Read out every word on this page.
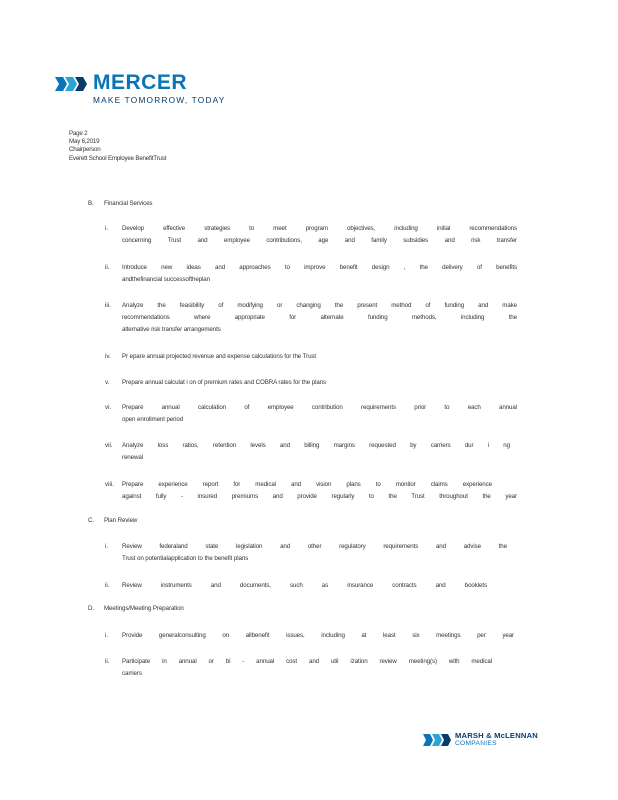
MERCER
MAKE TOMORROW, TODAY
Page 2
May 6,2019
Chairperson
Everett School Employee BenefitTrust
B. Financial Services
i. Develop effective strategies to meet program objectives, including initial recommendations
concerning Trust and employee contributions, age and family subsidies and risk transfer
ii. Introduce new ideas and approaches to improve benefit design , the delivery of benefits
andthefinancial successoftheplan
iii. Analyze the feasibility of modifying or changing the present method of funding and make
recommendations where appropriate for alternate funding methods, including the
alternative risk transfer arrangements
iv. Pr epare annual projected revenue and expense calculations for the Trust
v. Prepare annual calculat i on of premium rates and COBRA rates for the plans
vi. Prepare annual calculation of employee contribution requirements prior to each annual
open enrollment period
vii. Analyze loss ratios, retention levels and billing margins requested by carriers dur i ng
renewal
viii. Prepare experience report for medical and vision plans to monitor claims experience
against fully - insured premiums and provide regularly to the Trust throughout the year
C. Plan Review
i. Review federaland state legislation and other regulatory requirements and advise the
Trust on potentialapplication to the benefit plans
ii. Review instruments and documents, such as insurance contracts and booklets
D. Meetings/Meeting Preparation
i. Provide generalconsulting on allbenefit issues, including at least six meetings per year
ii. Participate in annual or bi - annual cost and util ization review meeting(s) with medical
carriers
MARSH & McLENNAN
COMPANIES
